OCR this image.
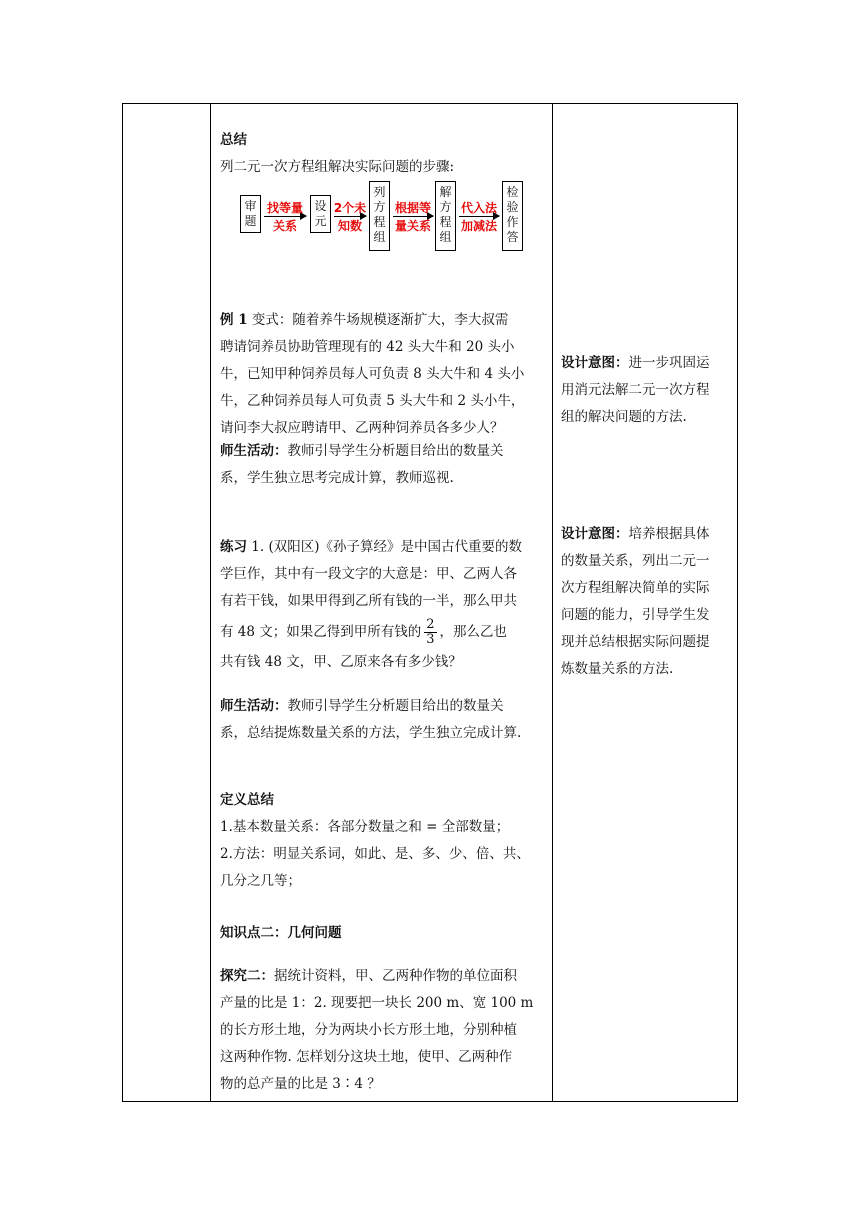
总结

列二元一次方程组解决实际问题的步骤:

例 1 变式：随着养牛场规模逐渐扩大，李大叔需

聘请饲养员协助管理现有的 42 头大牛和 20 头小

牛，已知甲种饲养员每人可负责 8 头大牛和 4 头小

牛，乙种饲养员每人可负责 5 头大牛和 2 头小牛，

请问李大叔应聘请甲、乙两种饲养员各多少人？

师生活动：教师引导学生分析题目给出的数量关

系，学生独立思考完成计算，教师巡视.

练习 1. (双阳区)《孙子算经》是中国古代重要的数

学巨作，其中有一段文字的大意是：甲、乙两人各

有若干钱，如果甲得到乙所有钱的一半，那么甲共

有 48 文；如果乙得到甲所有钱的 $\frac{2}{3}$ ，那么乙也

共有钱 48 文，甲、乙原来各有多少钱？

师生活动：教师引导学生分析题目给出的数量关

系，总结提炼数量关系的方法，学生独立完成计算.

定义总结

1.基本数量关系：各部分数量之和 = 全部数量；

2.方法：明显关系词，如此、是、多、少、倍、共、

几分之几等；

知识点二：几何问题

探究二：据统计资料，甲、乙两种作物的单位面积

产量的比是 1：2. 现要把一块长 200 m、宽 100 m

的长方形土地，分为两块小长方形土地，分别种植

这两种作物. 怎样划分这块土地，使甲、乙两种作

物的总产量的比是 3∶4 ？

审题
找等量
关系
设元
2个未
知数
列方程组
根据等
量关系
解方程组
代入法
加减法
检验作答

设计意图：进一步巩固运

用消元法解二元一次方程

组的解决问题的方法.

设计意图：培养根据具体

的数量关系，列出二元一

次方程组解决简单的实际

问题的能力，引导学生发

现并总结根据实际问题提

炼数量关系的方法.
